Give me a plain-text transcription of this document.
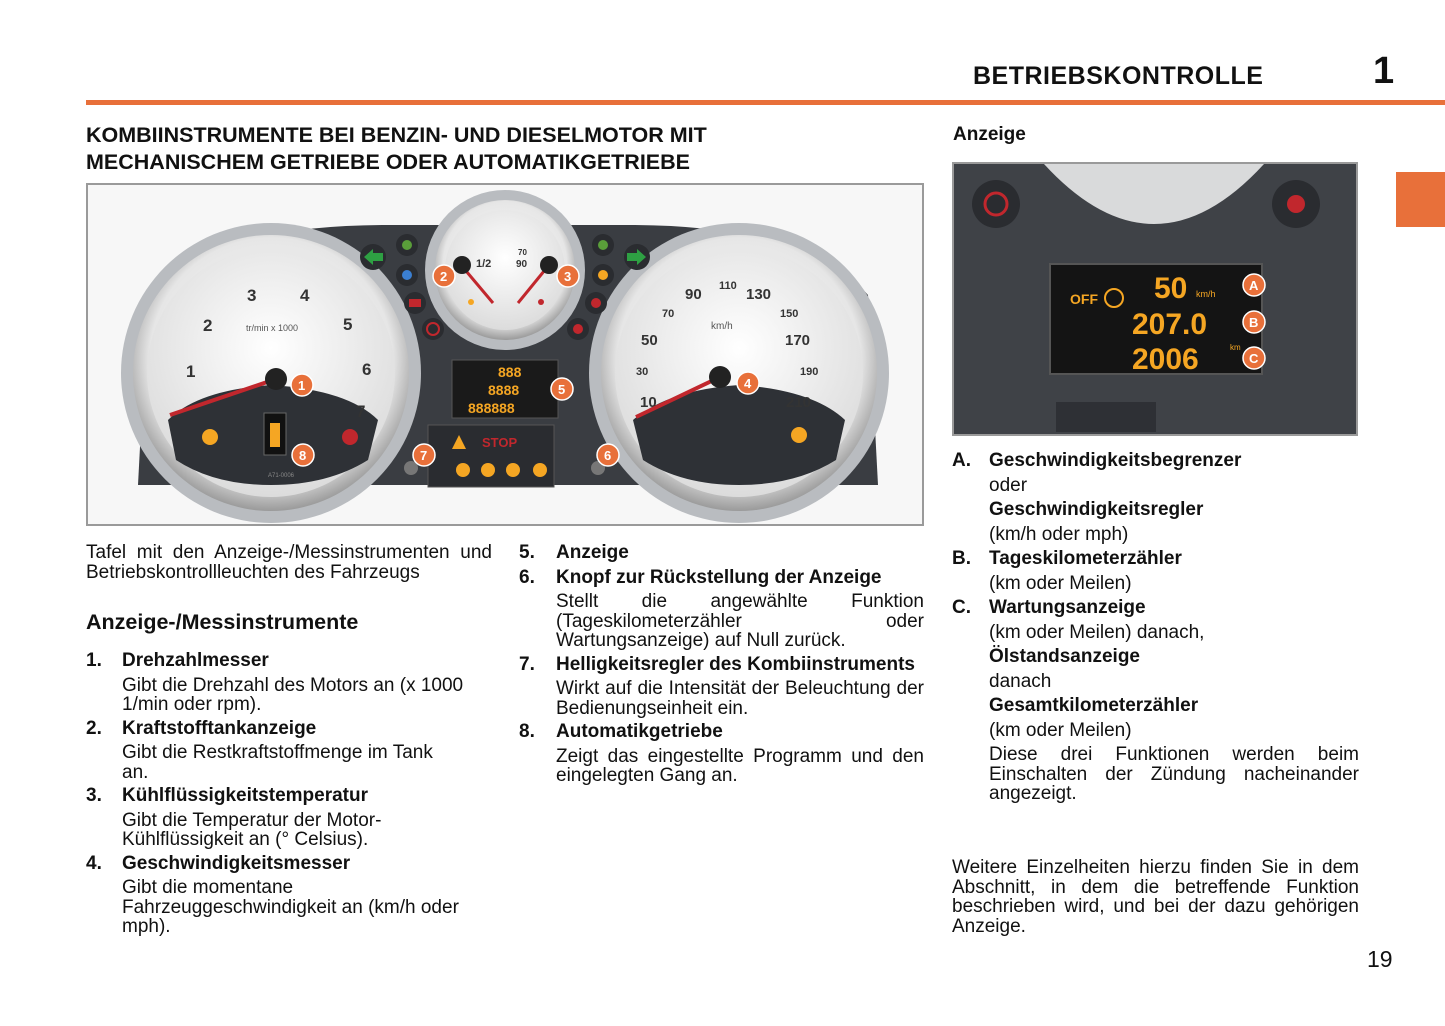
BETRIEBSKONTROLLE	1
KOMBIINSTRUMENTE BEI BENZIN- UND DIESELMOTOR MIT
MECHANISCHEM GETRIEBE ODER AUTOMATIKGETRIEBE
1
2
3	4
5
6
7
tr/min x 1000
A71-0006
10
30
50
70
90 110 130
150
170
190
210
km/h
1/2 90
70
888
8888
888888
STOP
1
2	3
4
5
6
7
8
Tafel mit den Anzeige-/Messinstrumenten und Betriebskontrollleuchten des Fahrzeugs
Anzeige-/Messinstrumente
1. Drehzahlmesser
Gibt die Drehzahl des Motors an (x 1000 1/min oder rpm).
2. Kraftstofftankanzeige
Gibt die Restkraftstoffmenge im Tank an.
3. Kühlflüssigkeitstemperatur
Gibt die Temperatur der Motor-Kühlflüssigkeit an (° Celsius).
4. Geschwindigkeitsmesser
Gibt die momentane Fahrzeuggeschwindigkeit an (km/h oder mph).
5. Anzeige
6. Knopf zur Rückstellung der Anzeige
Stellt die angewählte Funktion (Tageskilometerzähler oder Wartungsanzeige) auf Null zurück.
7. Helligkeitsregler des Kombiinstruments
Wirkt auf die Intensität der Beleuchtung der Bedienungseinheit ein.
8. Automatikgetriebe
Zeigt das eingestellte Programm und den eingelegten Gang an.
Anzeige
OFF 50 km/h
207.0
2006	km
A
B
C
A. Geschwindigkeitsbegrenzer
oder
Geschwindigkeitsregler
(km/h oder mph)
B. Tageskilometerzähler
(km oder Meilen)
C. Wartungsanzeige
(km oder Meilen) danach,
Ölstandsanzeige
danach
Gesamtkilometerzähler
(km oder Meilen)
Diese drei Funktionen werden beim Einschalten der Zündung nacheinander angezeigt.
Weitere Einzelheiten hierzu finden Sie in dem Abschnitt, in dem die betreffende Funktion beschrieben wird, und bei der dazu gehörigen Anzeige.
19
